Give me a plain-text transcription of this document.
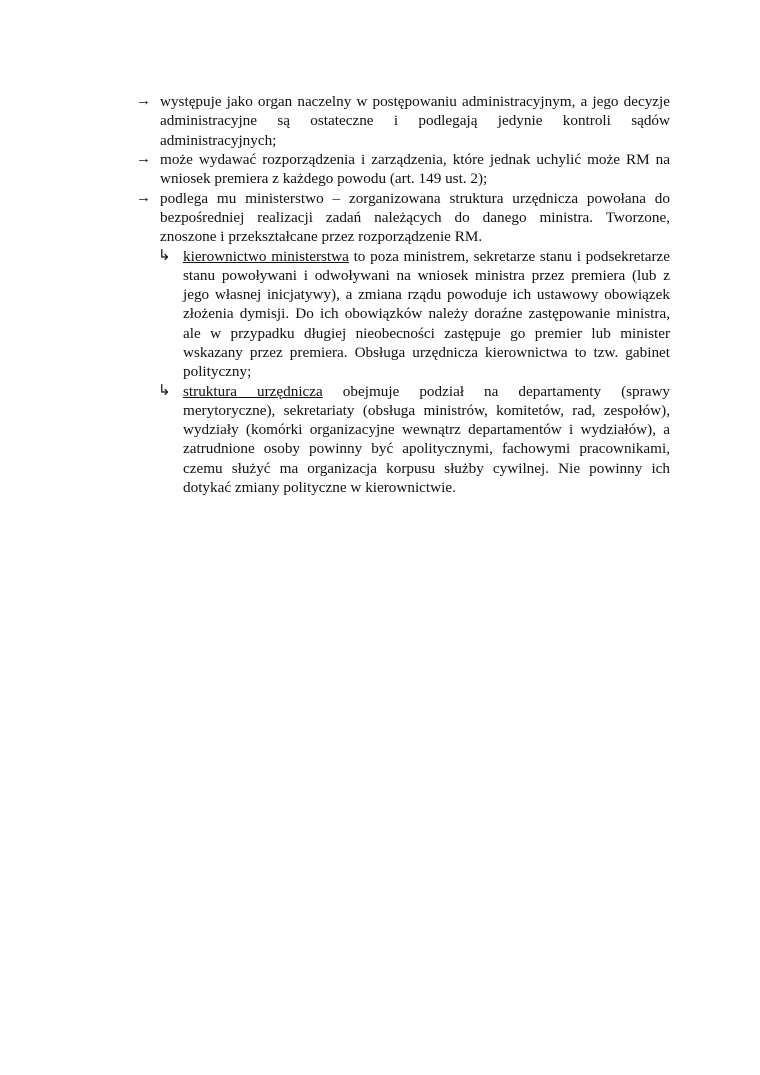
→ występuje jako organ naczelny w postępowaniu administracyjnym, a jego decyzje
administracyjne są ostateczne i podlegają jedynie kontroli sądów
administracyjnych;
→ może wydawać rozporządzenia i zarządzenia, które jednak uchylić może RM na
wniosek premiera z każdego powodu (art. 149 ust. 2);
→ podlega mu ministerstwo – zorganizowana struktura urzędnicza powołana do
bezpośredniej realizacji zadań należących do danego ministra. Tworzone,
znoszone i przekształcane przez rozporządzenie RM.
↳ kierownictwo ministerstwa to poza ministrem, sekretarze stanu i podsekretarze
stanu powoływani i odwoływani na wniosek ministra przez premiera (lub z
jego własnej inicjatywy), a zmiana rządu powoduje ich ustawowy obowiązek
złożenia dymisji. Do ich obowiązków należy doraźne zastępowanie ministra,
ale w przypadku długiej nieobecności zastępuje go premier lub minister
wskazany przez premiera. Obsługa urzędnicza kierownictwa to tzw. gabinet
polityczny;
↳ struktura urzędnicza obejmuje podział na departamenty (sprawy
merytoryczne), sekretariaty (obsługa ministrów, komitetów, rad, zespołów),
wydziały (komórki organizacyjne wewnątrz departamentów i wydziałów), a
zatrudnione osoby powinny być apolitycznymi, fachowymi pracownikami,
czemu służyć ma organizacja korpusu służby cywilnej. Nie powinny ich
dotykać zmiany polityczne w kierownictwie.
